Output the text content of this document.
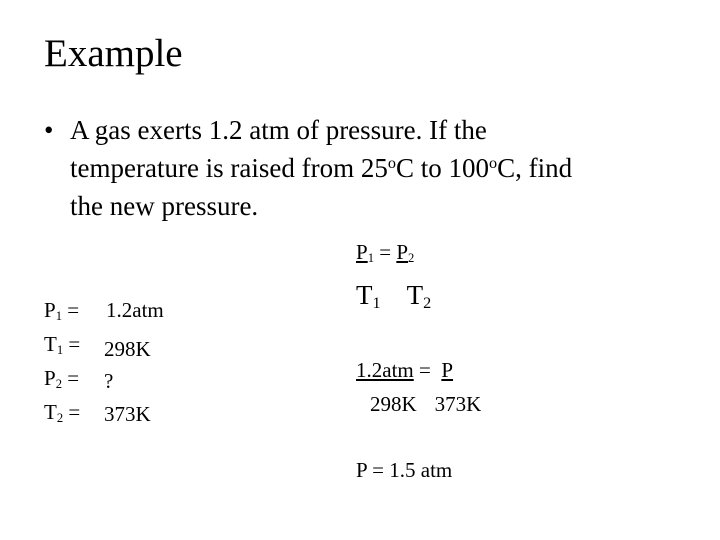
Example
• A gas exerts 1.2 atm of pressure. If the
temperature is raised from 25$^o$C to 100$^o$C, find
the new pressure.
$P_1 = 1.2atm$
$T_1 = 298K$
$P_2$ = ?
$T_2 = 373K$
$P_1 = P_2$
$T_1$ $T_2$
1.2atm =  P
298K 373K
P = 1.5 atm
